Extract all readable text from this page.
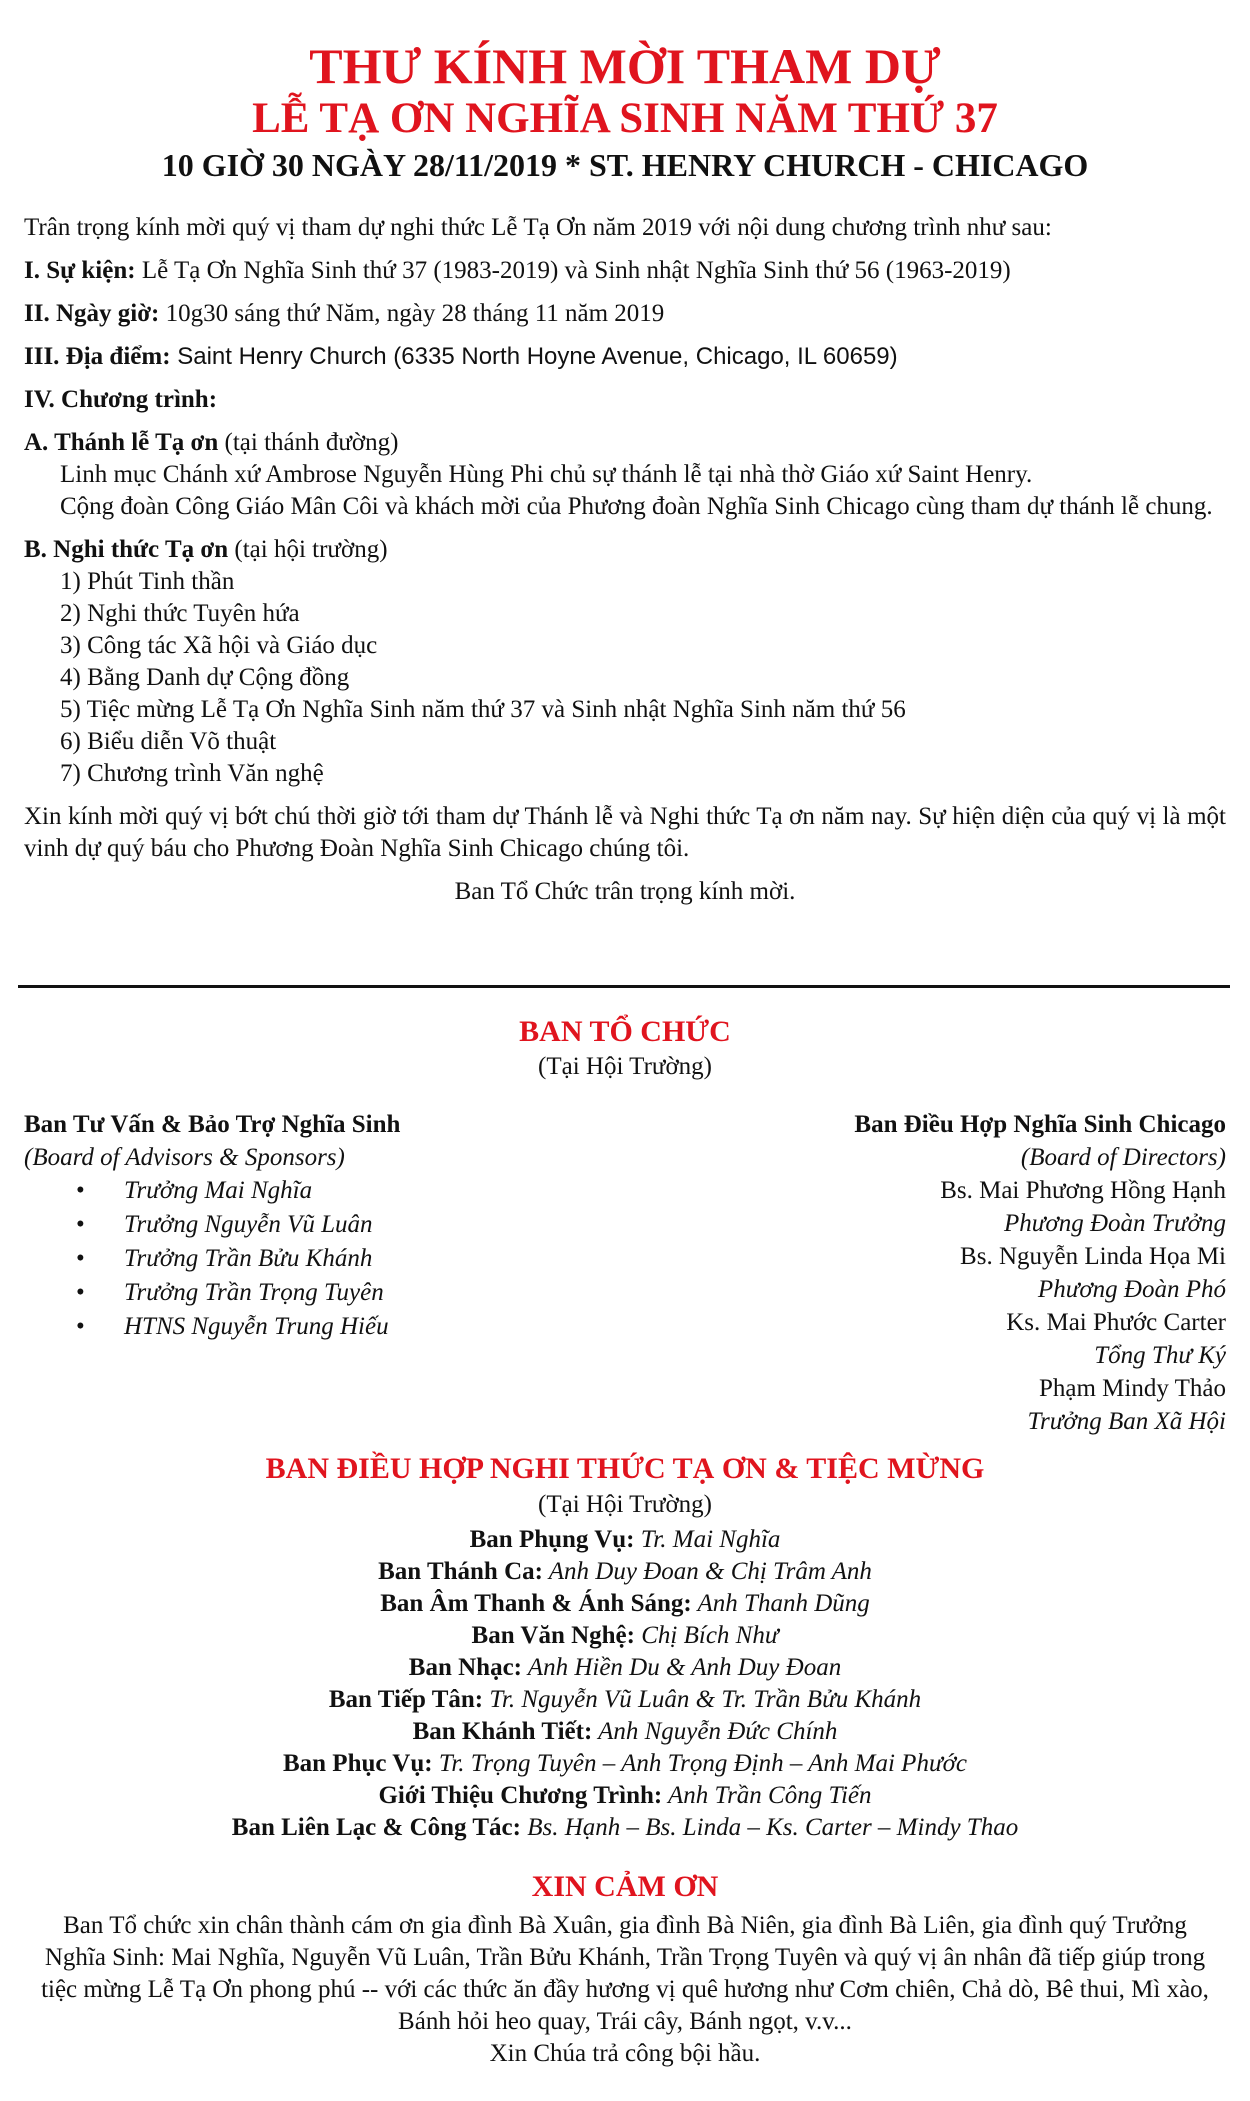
THƯ KÍNH MỜI THAM DỰ
LỄ TẠ ƠN NGHĨA SINH NĂM THỨ 37
10 GIỜ 30 NGÀY 28/11/2019 * ST. HENRY CHURCH - CHICAGO

Trân trọng kính mời quý vị tham dự nghi thức Lễ Tạ Ơn năm 2019 với nội dung chương trình như sau:

I. Sự kiện: Lễ Tạ Ơn Nghĩa Sinh thứ 37 (1983-2019) và Sinh nhật Nghĩa Sinh thứ 56 (1963-2019)

II. Ngày giờ: 10g30 sáng thứ Năm, ngày 28 tháng 11 năm 2019

III. Địa điểm: Saint Henry Church (6335 North Hoyne Avenue, Chicago, IL 60659)

IV. Chương trình:

A. Thánh lễ Tạ ơn (tại thánh đường)

Linh mục Chánh xứ Ambrose Nguyễn Hùng Phi chủ sự thánh lễ tại nhà thờ Giáo xứ Saint Henry.

Cộng đoàn Công Giáo Mân Côi và khách mời của Phương đoàn Nghĩa Sinh Chicago cùng tham dự thánh lễ chung.

B. Nghi thức Tạ ơn (tại hội trường)

1) Phút Tinh thần

2) Nghi thức Tuyên hứa

3) Công tác Xã hội và Giáo dục

4) Bằng Danh dự Cộng đồng

5) Tiệc mừng Lễ Tạ Ơn Nghĩa Sinh năm thứ 37 và Sinh nhật Nghĩa Sinh năm thứ 56

6) Biểu diễn Võ thuật

7) Chương trình Văn nghệ

Xin kính mời quý vị bớt chú thời giờ tới tham dự Thánh lễ và Nghi thức Tạ ơn năm nay. Sự hiện diện của quý vị là một vinh dự quý báu cho Phương Đoàn Nghĩa Sinh Chicago chúng tôi.

Ban Tổ Chức trân trọng kính mời.

BAN TỔ CHỨC
(Tại Hội Trường)
Ban Tư Vấn & Bảo Trợ Nghĩa Sinh
(Board of Advisors & Sponsors)
• Trưởng Mai Nghĩa
• Trưởng Nguyễn Vũ Luân
• Trưởng Trần Bửu Khánh
• Trưởng Trần Trọng Tuyên
• HTNS Nguyễn Trung Hiếu
Ban Điều Hợp Nghĩa Sinh Chicago
(Board of Directors)
Bs. Mai Phương Hồng Hạnh
Phương Đoàn Trưởng
Bs. Nguyễn Linda Họa Mi
Phương Đoàn Phó
Ks. Mai Phước Carter
Tổng Thư Ký
Phạm Mindy Thảo
Trưởng Ban Xã Hội
BAN ĐIỀU HỢP NGHI THỨC TẠ ƠN & TIỆC MỪNG
(Tại Hội Trường)
Ban Phụng Vụ: Tr. Mai Nghĩa
Ban Thánh Ca: Anh Duy Đoan & Chị Trâm Anh
Ban Âm Thanh & Ánh Sáng: Anh Thanh Dũng
Ban Văn Nghệ: Chị Bích Như
Ban Nhạc: Anh Hiền Du & Anh Duy Đoan
Ban Tiếp Tân: Tr. Nguyễn Vũ Luân & Tr. Trần Bửu Khánh
Ban Khánh Tiết: Anh Nguyễn Đức Chính
Ban Phục Vụ: Tr. Trọng Tuyên – Anh Trọng Định – Anh Mai Phước
Giới Thiệu Chương Trình: Anh Trần Công Tiến
Ban Liên Lạc & Công Tác: Bs. Hạnh – Bs. Linda – Ks. Carter – Mindy Thao
XIN CẢM ƠN
Ban Tổ chức xin chân thành cám ơn gia đình Bà Xuân, gia đình Bà Niên, gia đình Bà Liên, gia đình quý Trưởng Nghĩa Sinh: Mai Nghĩa, Nguyễn Vũ Luân, Trần Bửu Khánh, Trần Trọng Tuyên và quý vị ân nhân đã tiếp giúp trong tiệc mừng Lễ Tạ Ơn phong phú -- với các thức ăn đầy hương vị quê hương như Cơm chiên, Chả dò, Bê thui, Mì xào, Bánh hỏi heo quay, Trái cây, Bánh ngọt, v.v...
Xin Chúa trả công bội hầu.
